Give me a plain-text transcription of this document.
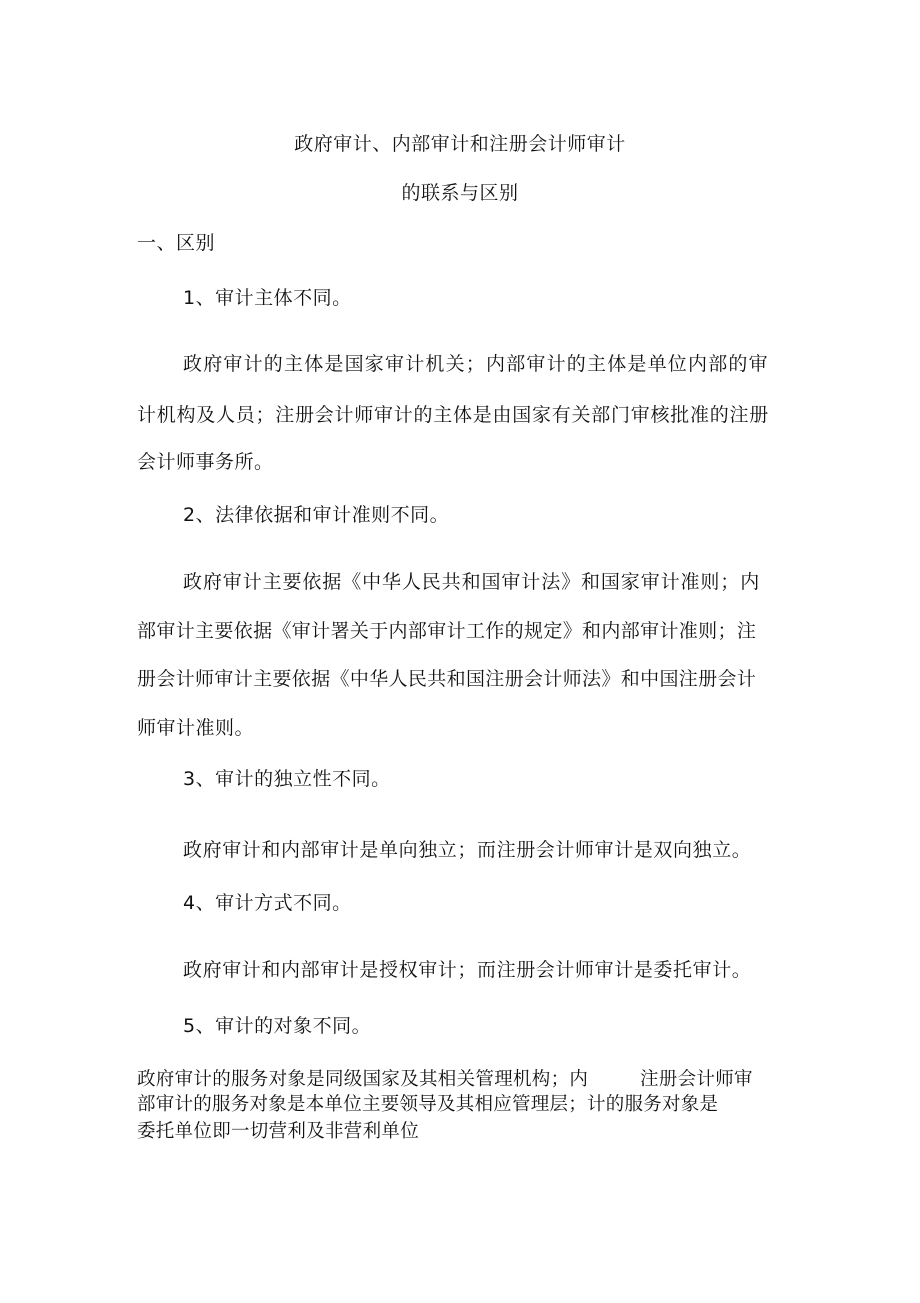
政府审计、内部审计和注册会计师审计
的联系与区别
一、区别
1、审计主体不同。
政府审计的主体是国家审计机关；内部审计的主体是单位内部的审
计机构及人员；注册会计师审计的主体是由国家有关部门审核批准的注册
会计师事务所。
2、法律依据和审计准则不同。
政府审计主要依据《中华人民共和国审计法》和国家审计准则；内
部审计主要依据《审计署关于内部审计工作的规定》和内部审计准则；注
册会计师审计主要依据《中华人民共和国注册会计师法》和中国注册会计
师审计准则。
3、审计的独立性不同。
政府审计和内部审计是单向独立；而注册会计师审计是双向独立。
4、审计方式不同。
政府审计和内部审计是授权审计；而注册会计师审计是委托审计。
5、审计的对象不同。
政府审计的服务对象是同级国家及其相关管理机构；内	注册会计师审
部审计的服务对象是本单位主要领导及其相应管理层；计的服务对象是
委托单位即一切营利及非营利单位
